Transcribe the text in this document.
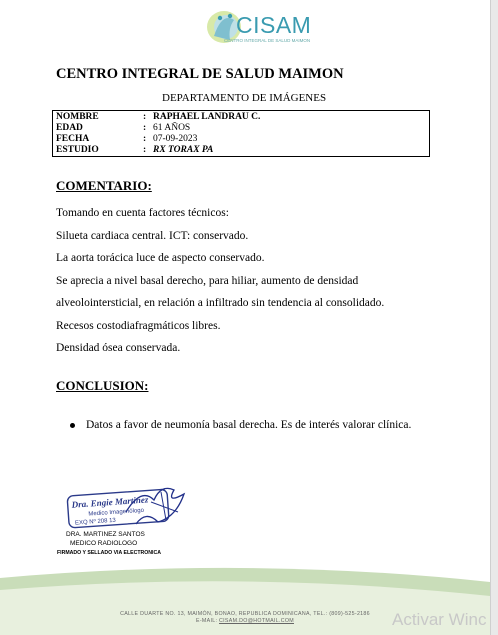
CISAM
CENTRO INTEGRAL DE SALUD MAIMON
CENTRO INTEGRAL DE SALUD MAIMON
DEPARTAMENTO DE IMÁGENES
NOMBRE	: RAPHAEL LANDRAU C.
EDAD	: 61 AÑOS
FECHA	: 07-09-2023
ESTUDIO	: RX TORAX PA
COMENTARIO:
Tomando en cuenta factores técnicos:
Silueta cardiaca central. ICT: conservado.
La aorta torácica luce de aspecto conservado.
Se aprecia a nivel basal derecho, para hiliar, aumento de densidad
alveolointersticial, en relación a infiltrado sin tendencia al consolidado.
Recesos costodiafragmáticos libres.
Densidad ósea conservada.
CONCLUSION:
Datos a favor de neumonía basal derecha. Es de interés valorar clínica.
Dra. Engie Martinez
Medico Imagenólogo
EXQ Nº 208 13
DRA. MARTINEZ SANTOS
MEDICO RADIOLOGO
FIRMADO Y SELLADO VIA ELECTRONICA
CALLE DUARTE NO. 13, MAIMÓN, BONAO, REPUBLICA DOMINICANA, TEL.: (809)-525-2186
E-MAIL: CISAM.DO@HOTMAIL.COM	Activar Winc
